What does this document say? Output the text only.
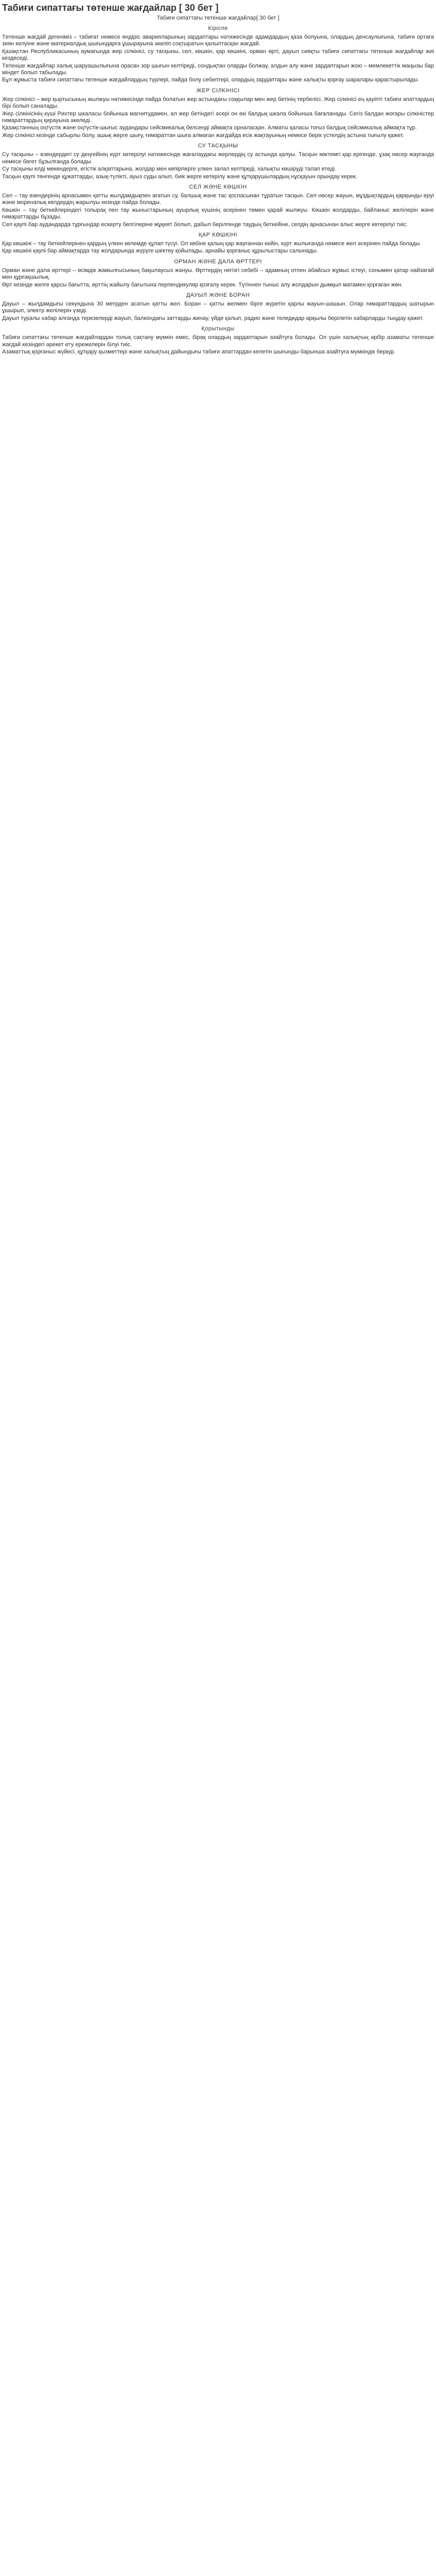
Табиғи сипаттағы төтенше жағдайлар [ 30 бет ]
Табиғи сипаттағы төтенше жағдайлар[ 30 бет ]
Кіріспе

Төтенше жағдай дегеніміз – табиғат немесе өндіріс аварияларының зардаптары нәтижесінде адамдардың қаза болуына, олардың денсаулығына, табиғи ортаға зиян келуіне және материалдық шығындарға ұшырауына әкеліп соқтыратын қалыптасқан жағдай.

Қазақстан Республикасының аумағында жер сілкінісі, су тасқыны, сел, көшкін, қар көшкіні, орман өрті, дауыл сияқты табиғи сипаттағы төтенше жағдайлар жиі кездеседі.

Төтенше жағдайлар халық шаруашылығына орасан зор шығын келтіреді, сондықтан оларды болжау, алдын алу және зардаптарын жою – мемлекеттік маңызы бар міндет болып табылады.

Бұл жұмыста табиғи сипаттағы төтенше жағдайлардың түрлері, пайда болу себептері, олардың зардаптары және халықты қорғау шаралары қарастырылады.

ЖЕР СІЛКІНІСІ

Жер сілкінісі – жер қыртысының жылжуы нәтижесінде пайда болатын жер астындағы соққылар мен жер бетінің тербелісі. Жер сілкінісі ең қауіпті табиғи апаттардың бірі болып саналады.

Жер сілкінісінің күші Рихтер шкаласы бойынша магнитудамен, ал жер бетіндегі әсері он екі балдық шкала бойынша бағаланады. Сегіз балдан жоғары сілкіністер ғимараттардың қирауына әкеледі.

Қазақстанның оңтүстік және оңтүстік-шығыс аудандары сейсмикалық белсенді аймақта орналасқан. Алматы қаласы тоғыз балдық сейсмикалық аймақта тұр.

Жер сілкінісі кезінде сабырлы болу, ашық жерге шығу, ғимараттан шыға алмаған жағдайда есік жақтауының немесе берік үстелдің астына тығылу қажет.

СУ ТАСҚЫНЫ

Су тасқыны – өзендердегі су деңгейінің күрт көтерілуі нәтижесінде жағалаудағы жерлердің су астында қалуы. Тасқын көктемгі қар ерігенде, ұзақ нөсер жауғанда немесе бөгет бұзылғанда болады.

Су тасқыны елді мекендерге, егістік алқаптарына, жолдар мен көпірлерге үлкен залал келтіреді, халықты көшіруді талап етеді.

Тасқын қаупі төнгенде құжаттарды, азық-түлікті, ауыз суды алып, биік жерге көтерілу және құтқарушылардың нұсқауын орындау керек.

СЕЛ ЖӘНЕ КӨШКІН

Сел – тау өзендерінің арнасымен қатты жылдамдықпен ағатын су, балшық және тас қоспасынан тұратын тасқын. Сел нөсер жауын, мұздықтардың қарқынды еруі және мореналық көлдердің жарылуы кезінде пайда болады.

Көшкін – тау беткейлеріндегі топырақ пен тау жыныстарының ауырлық күшінің әсерінен төмен қарай жылжуы. Көшкін жолдарды, байланыс желілерін және ғимараттарды бұзады.

Сел қаупі бар аудандарда тұрғындар ескерту белгілеріне мұқият болып, дабыл берілгенде таудың беткейіне, селдің арнасынан алыс жерге көтерілуі тиіс.

ҚАР КӨШКІНІ

Қар көшкіні – тау беткейлерінен қардың үлкен көлемде құлап түсуі. Ол көбіне қалың қар жауғаннан кейін, күрт жылығанда немесе жел әсерінен пайда болады.

Қар көшкіні қаупі бар аймақтарда тау жолдарында жүруге шектеу қойылады, арнайы қорғаныс құрылыстары салынады.

ОРМАН ЖӘНЕ ДАЛА ӨРТТЕРІ

Орман және дала өрттері – өсімдік жамылғысының бақылаусыз жануы. Өрттердің негізгі себебі – адамның отпен абайсыз жұмыс істеуі, сонымен қатар найзағай мен құрғақшылық.

Өрт кезінде желге қарсы бағытта, өрттің жайылу бағытына перпендикуляр қозғалу керек. Түтіннен тыныс алу жолдарын дымқыл матамен қорғаған жөн.

ДАУЫЛ ЖӘНЕ БОРАН

Дауыл – жылдамдығы секундына 30 метрден асатын қатты жел. Боран – қатты желмен бірге жүретін қарлы жауын-шашын. Олар ғимараттардың шатырын ұшырып, электр желілерін үзеді.

Дауыл туралы хабар алғанда терезелерді жауып, балкондағы заттарды жинау, үйде қалып, радио және теледидар арқылы берілетін хабарларды тыңдау қажет.

Қорытынды

Табиғи сипаттағы төтенше жағдайлардан толық сақтану мүмкін емес, бірақ олардың зардаптарын азайтуға болады. Ол үшін халықтың әрбір азаматы төтенше жағдай кезіндегі әрекет ету ережелерін білуі тиіс.

Азаматтық қорғаныс жүйесі, құтқару қызметтері және халықтың дайындығы табиғи апаттардан келетін шығынды барынша азайтуға мүмкіндік береді.
